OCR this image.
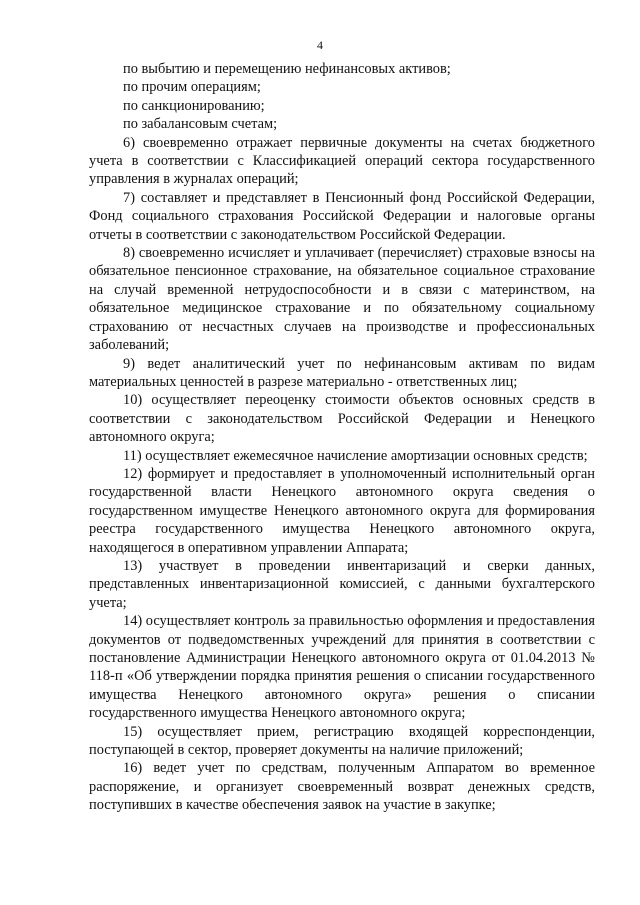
4

по выбытию и перемещению нефинансовых активов;

по прочим операциям;

по санкционированию;

по забалансовым счетам;

6) своевременно отражает первичные документы на счетах бюджетного учета в соответствии с Классификацией операций сектора государственного управления в журналах операций;

7) составляет и представляет в Пенсионный фонд Российской Федерации, Фонд социального страхования Российской Федерации и налоговые органы отчеты в соответствии с законодательством Российской Федерации.

8) своевременно исчисляет и уплачивает (перечисляет) страховые взносы на обязательное пенсионное страхование, на обязательное социальное страхование на случай временной нетрудоспособности и в связи с материнством, на обязательное медицинское страхование и по обязательному социальному страхованию от несчастных случаев на производстве и профессиональных заболеваний;

9) ведет аналитический учет по нефинансовым активам по видам материальных ценностей в разрезе материально - ответственных лиц;

10) осуществляет переоценку стоимости объектов основных средств в соответствии с законодательством Российской Федерации и Ненецкого автономного округа;

11) осуществляет ежемесячное начисление амортизации основных средств;

12) формирует и предоставляет в уполномоченный исполнительный орган государственной власти Ненецкого автономного округа сведения о государственном имуществе Ненецкого автономного округа для формирования реестра государственного имущества Ненецкого автономного округа, находящегося в оперативном управлении Аппарата;

13) участвует в проведении инвентаризаций и сверки данных, представленных инвентаризационной комиссией, с данными бухгалтерского учета;

14) осуществляет контроль за правильностью оформления и предоставления документов от подведомственных учреждений для принятия в соответствии с постановление Администрации Ненецкого автономного округа от 01.04.2013 № 118-п «Об утверждении порядка принятия решения о списании государственного имущества Ненецкого автономного округа» решения о списании государственного имущества Ненецкого автономного округа;

15) осуществляет прием, регистрацию входящей корреспонденции, поступающей в сектор, проверяет документы на наличие приложений;

16) ведет учет по средствам, полученным Аппаратом во временное распоряжение, и организует своевременный возврат денежных средств, поступивших в качестве обеспечения заявок на участие в закупке;
